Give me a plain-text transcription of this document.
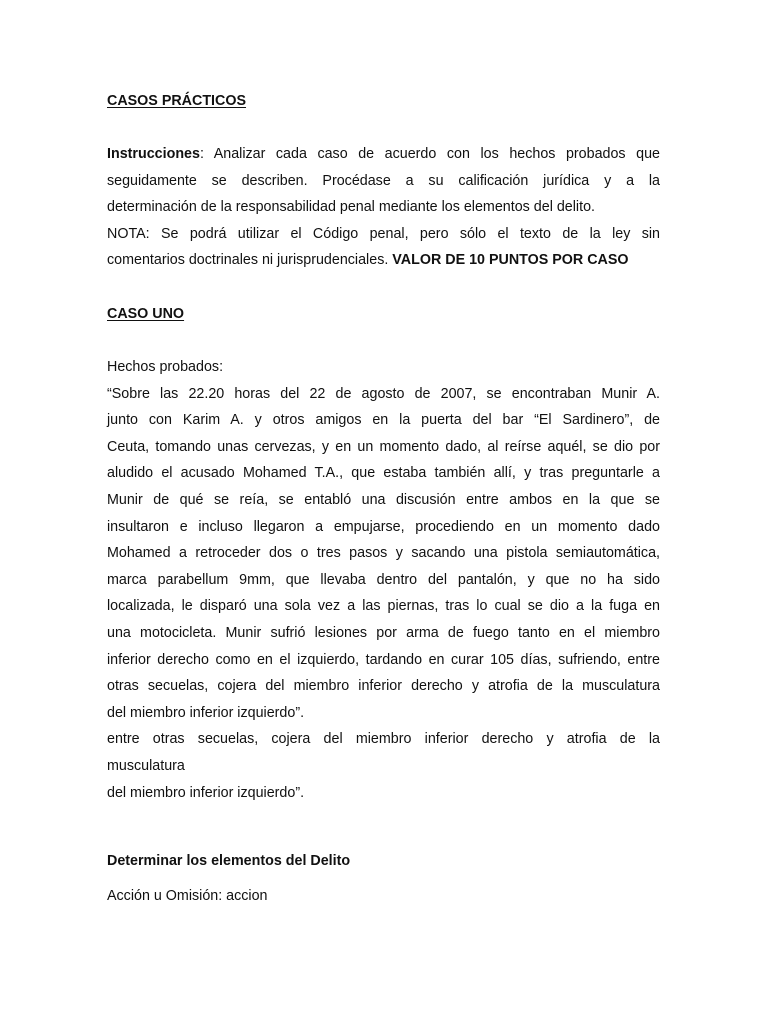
CASOS PRÁCTICOS
Instrucciones: Analizar cada caso de acuerdo con los hechos probados que
seguidamente se describen. Procédase a su calificación jurídica y a la
determinación de la responsabilidad penal mediante los elementos del delito.
NOTA: Se podrá utilizar el Código penal, pero sólo el texto de la ley sin
comentarios doctrinales ni jurisprudenciales. VALOR DE 10 PUNTOS POR CASO
CASO UNO
Hechos probados:
“Sobre las 22.20 horas del 22 de agosto de 2007, se encontraban Munir A.
junto con Karim A. y otros amigos en la puerta del bar “El Sardinero”, de
Ceuta, tomando unas cervezas, y en un momento dado, al reírse aquél, se dio por
aludido el acusado Mohamed T.A., que estaba también allí, y tras preguntarle a
Munir de qué se reía, se entabló una discusión entre ambos en la que se
insultaron e incluso llegaron a empujarse, procediendo en un momento dado
Mohamed a retroceder dos o tres pasos y sacando una pistola semiautomática,
marca parabellum 9mm, que llevaba dentro del pantalón, y que no ha sido
localizada, le disparó una sola vez a las piernas, tras lo cual se dio a la fuga en
una motocicleta. Munir sufrió lesiones por arma de fuego tanto en el miembro
inferior derecho como en el izquierdo, tardando en curar 105 días, sufriendo, entre
otras secuelas, cojera del miembro inferior derecho y atrofia de la musculatura
del miembro inferior izquierdo”.
entre otras secuelas, cojera del miembro inferior derecho y atrofia de la
musculatura
del miembro inferior izquierdo”.
Determinar los elementos del Delito
Acción u Omisión: accion
